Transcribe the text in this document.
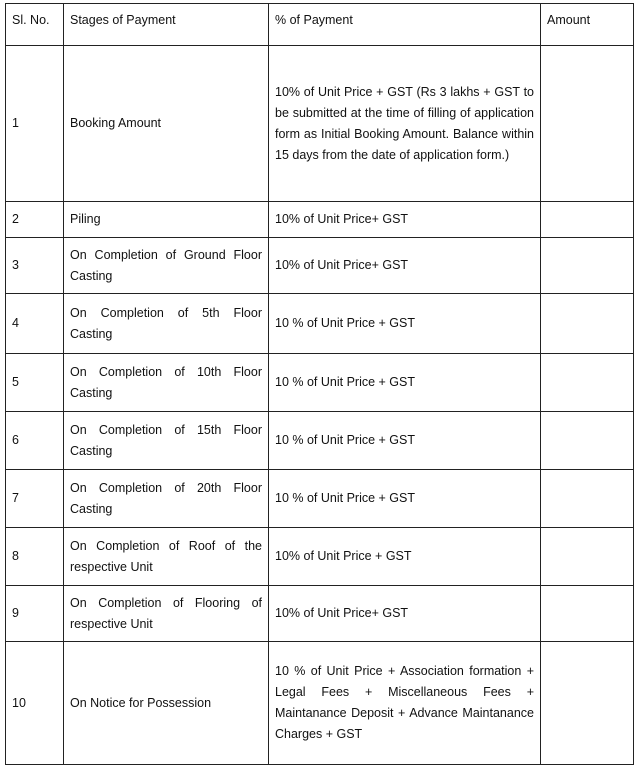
Sl. No.	Stages of Payment	% of Payment	Amount
1	Booking Amount	10% of Unit Price + GST (Rs 3 lakhs + GST to be submitted at the time of filling of application form as Initial Booking Amount. Balance within 15 days from the date of application form.)	
2	Piling	10% of Unit Price+ GST	
3	On Completion of Ground Floor Casting	10% of Unit Price+ GST	
4	On Completion of 5th Floor Casting	10 % of Unit Price + GST	
5	On Completion of 10th Floor Casting	10 % of Unit Price + GST	
6	On Completion of 15th Floor Casting	10 % of Unit Price + GST	
7	On Completion of 20th Floor Casting	10 % of Unit Price + GST	
8	On Completion of Roof of the respective Unit	10% of Unit Price + GST	
9	On Completion of Flooring of respective Unit	10% of Unit Price+ GST	
10	On Notice for Possession	10 % of Unit Price + Association formation + Legal Fees + Miscellaneous Fees + Maintanance Deposit + Advance Maintanance Charges + GST	
